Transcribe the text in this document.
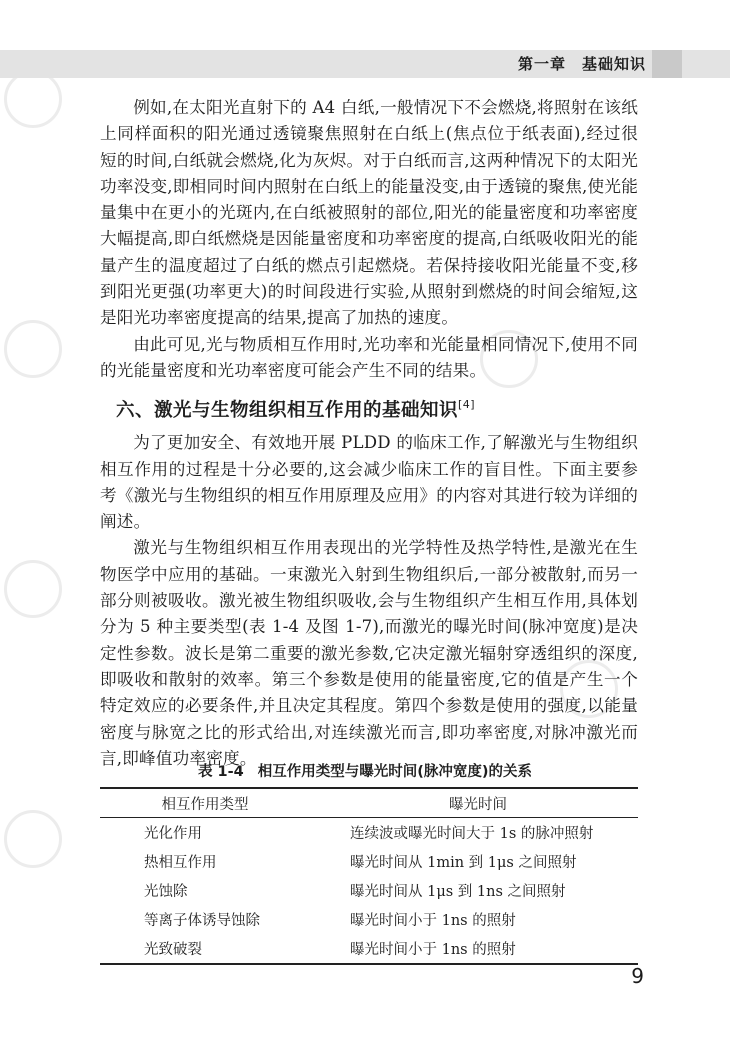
第一章　基础知识

例如,在太阳光直射下的 A4 白纸,一般情况下不会燃烧,将照射在该纸上同样面积的阳光通过透镜聚焦照射在白纸上(焦点位于纸表面),经过很短的时间,白纸就会燃烧,化为灰烬。对于白纸而言,这两种情况下的太阳光功率没变,即相同时间内照射在白纸上的能量没变,由于透镜的聚焦,使光能量集中在更小的光斑内,在白纸被照射的部位,阳光的能量密度和功率密度大幅提高,即白纸燃烧是因能量密度和功率密度的提高,白纸吸收阳光的能量产生的温度超过了白纸的燃点引起燃烧。若保持接收阳光能量不变,移到阳光更强(功率更大)的时间段进行实验,从照射到燃烧的时间会缩短,这是阳光功率密度提高的结果,提高了加热的速度。

由此可见,光与物质相互作用时,光功率和光能量相同情况下,使用不同的光能量密度和光功率密度可能会产生不同的结果。

六、激光与生物组织相互作用的基础知识[4]

为了更加安全、有效地开展 PLDD 的临床工作,了解激光与生物组织相互作用的过程是十分必要的,这会减少临床工作的盲目性。下面主要参考《激光与生物组织的相互作用原理及应用》的内容对其进行较为详细的阐述。

激光与生物组织相互作用表现出的光学特性及热学特性,是激光在生物医学中应用的基础。一束激光入射到生物组织后,一部分被散射,而另一部分则被吸收。激光被生物组织吸收,会与生物组织产生相互作用,具体划分为 5 种主要类型(表 1-4 及图 1-7),而激光的曝光时间(脉冲宽度)是决定性参数。波长是第二重要的激光参数,它决定激光辐射穿透组织的深度,即吸收和散射的效率。第三个参数是使用的能量密度,它的值是产生一个特定效应的必要条件,并且决定其程度。第四个参数是使用的强度,以能量密度与脉宽之比的形式给出,对连续激光而言,即功率密度,对脉冲激光而言,即峰值功率密度。

表 1-4 相互作用类型与曝光时间(脉冲宽度)的关系
相互作用类型	曝光时间
光化作用	连续波或曝光时间大于 1s 的脉冲照射
热相互作用	曝光时间从 1min 到 1μs 之间照射
光蚀除	曝光时间从 1μs 到 1ns 之间照射
等离子体诱导蚀除	曝光时间小于 1ns 的照射
光致破裂	曝光时间小于 1ns 的照射
9
